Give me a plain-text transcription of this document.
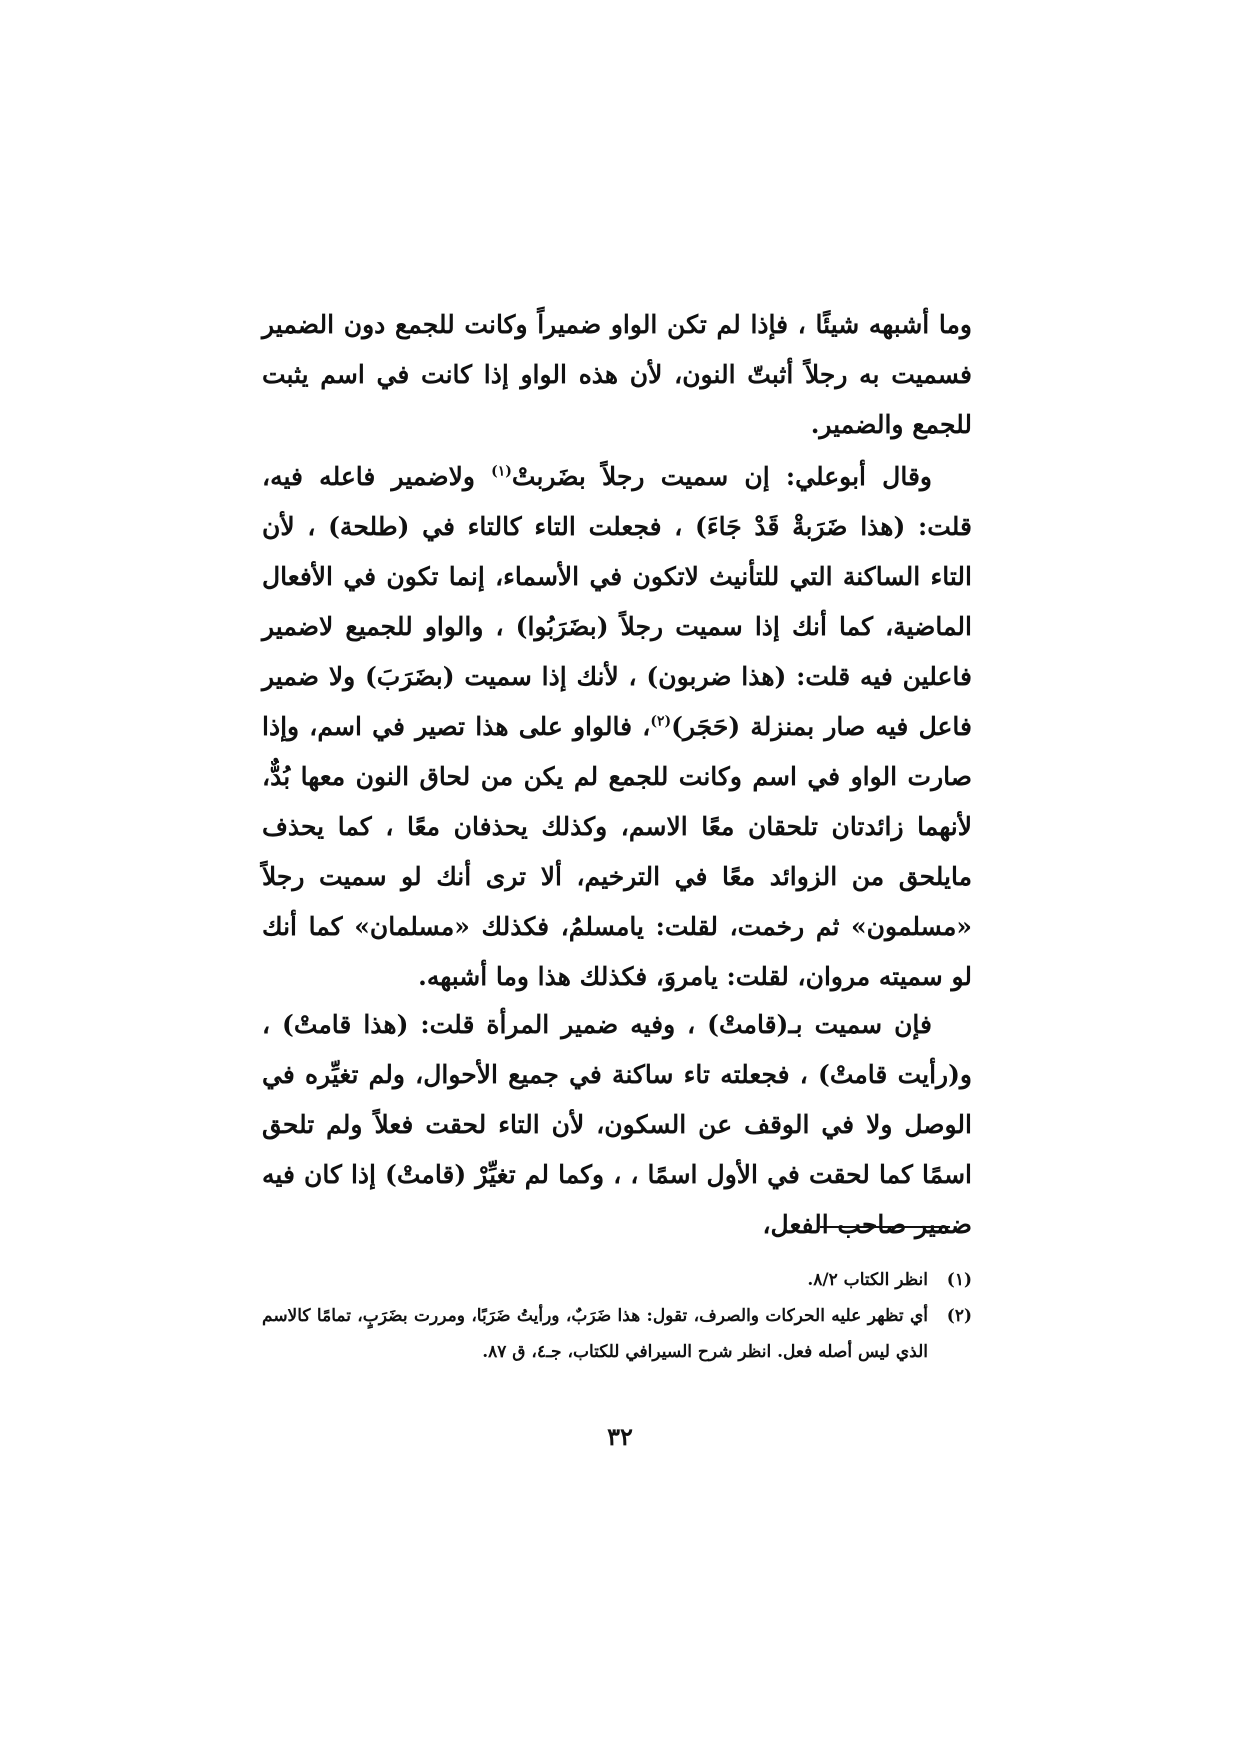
وما أشبهه شيئًا ، فإذا لم تكن الواو ضميراً وكانت للجمع دون الضمير فسميت به رجلاً أثبتّ النون، لأن هذه الواو إذا كانت في اسم يثبت للجمع والضمير.

وقال أبوعلي: إن سميت رجلاً بضَربتْ$^{(١)}$ ولاضمير فاعله فيه، قلت: (هذا ضَرَبةْ قَدْ جَاءَ) ، فجعلت التاء كالتاء في (طلحة) ، لأن التاء الساكنة التي للتأنيث لاتكون في الأسماء، إنما تكون في الأفعال الماضية، كما أنك إذا سميت رجلاً (بضَرَبُوا) ، والواو للجميع لاضمير فاعلين فيه قلت: (هذا ضربون) ، لأنك إذا سميت (بضَرَبَ) ولا ضمير فاعل فيه صار بمنزلة (حَجَر)$^{(٢)}$، فالواو على هذا تصير في اسم، وإذا صارت الواو في اسم وكانت للجمع لم يكن من لحاق النون معها بُدٌّ، لأنهما زائدتان تلحقان معًا الاسم، وكذلك يحذفان معًا ، كما يحذف مايلحق من الزوائد معًا في الترخيم، ألا ترى أنك لو سميت رجلاً «مسلمون» ثم رخمت، لقلت: يامسلمُ، فكذلك «مسلمان» كما أنك لو سميته مروان، لقلت: يامروَ، فكذلك هذا وما أشبهه.

فإن سميت بـ(قامتْ) ، وفيه ضمير المرأة قلت: (هذا قامتْ) ، و(رأيت قامتْ) ، فجعلته تاء ساكنة في جميع الأحوال، ولم تغيِّره في الوصل ولا في الوقف عن السكون، لأن التاء لحقت فعلاً ولم تلحق اسمًا كما لحقت في الأول اسمًا ، ، وكما لم تغيِّرْ (قامتْ) إذا كان فيه ضمير صاحب الفعل،

(١)
انظر الكتاب ٨/٢.
(٢)
أي تظهر عليه الحركات والصرف، تقول: هذا ضَرَبٌ، ورأيتُ ضَرَبًا، ومررت بضَرَبٍ، تمامًا كالاسم الذي ليس أصله فعل. انظر شرح السيرافي للكتاب، جـ٤، ق ٨٧.
٣٢
